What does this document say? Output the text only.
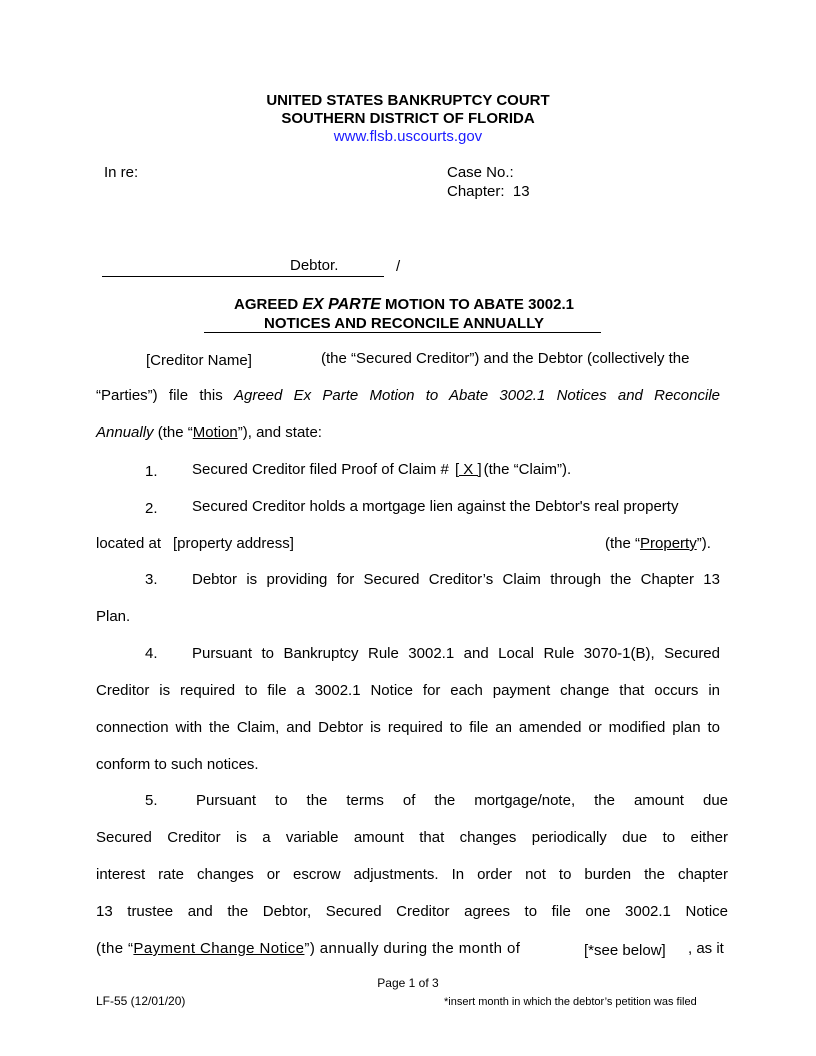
UNITED STATES BANKRUPTCY COURT
SOUTHERN DISTRICT OF FLORIDA
www.flsb.uscourts.gov
In re:	Case No.:
Chapter: 13
Debtor.	/
AGREED EX PARTE MOTION TO ABATE 3002.1
NOTICES AND RECONCILE ANNUALLY
[Creditor Name]	(the “Secured Creditor”) and the Debtor (collectively the
“Parties”) file this Agreed Ex Parte Motion to Abate 3002.1 Notices and Reconcile
Annually (the “Motion”), and state:
1. Secured Creditor filed Proof of Claim # [ X ] (the “Claim”).
2. Secured Creditor holds a mortgage lien against the Debtor's real property
located at [property address]	(the “Property”).
3. Debtor is providing for Secured Creditor’s Claim through the Chapter 13
Plan.
4. Pursuant to Bankruptcy Rule 3002.1 and Local Rule 3070-1(B), Secured
Creditor is required to file a 3002.1 Notice for each payment change that occurs in
connection with the Claim, and Debtor is required to file an amended or modified plan to
conform to such notices.
5.	Pursuant to the terms of the mortgage/note, the amount due
Secured Creditor is a variable amount that changes periodically due to either
interest rate changes or escrow adjustments. In order not to burden the chapter
13 trustee and the Debtor, Secured Creditor agrees to file one 3002.1 Notice
(the “Payment Change Notice”) annually during the month of	[*see below] , as it
Page 1 of 3
LF-55 (12/01/20)	*insert month in which the debtor’s petition was filed
